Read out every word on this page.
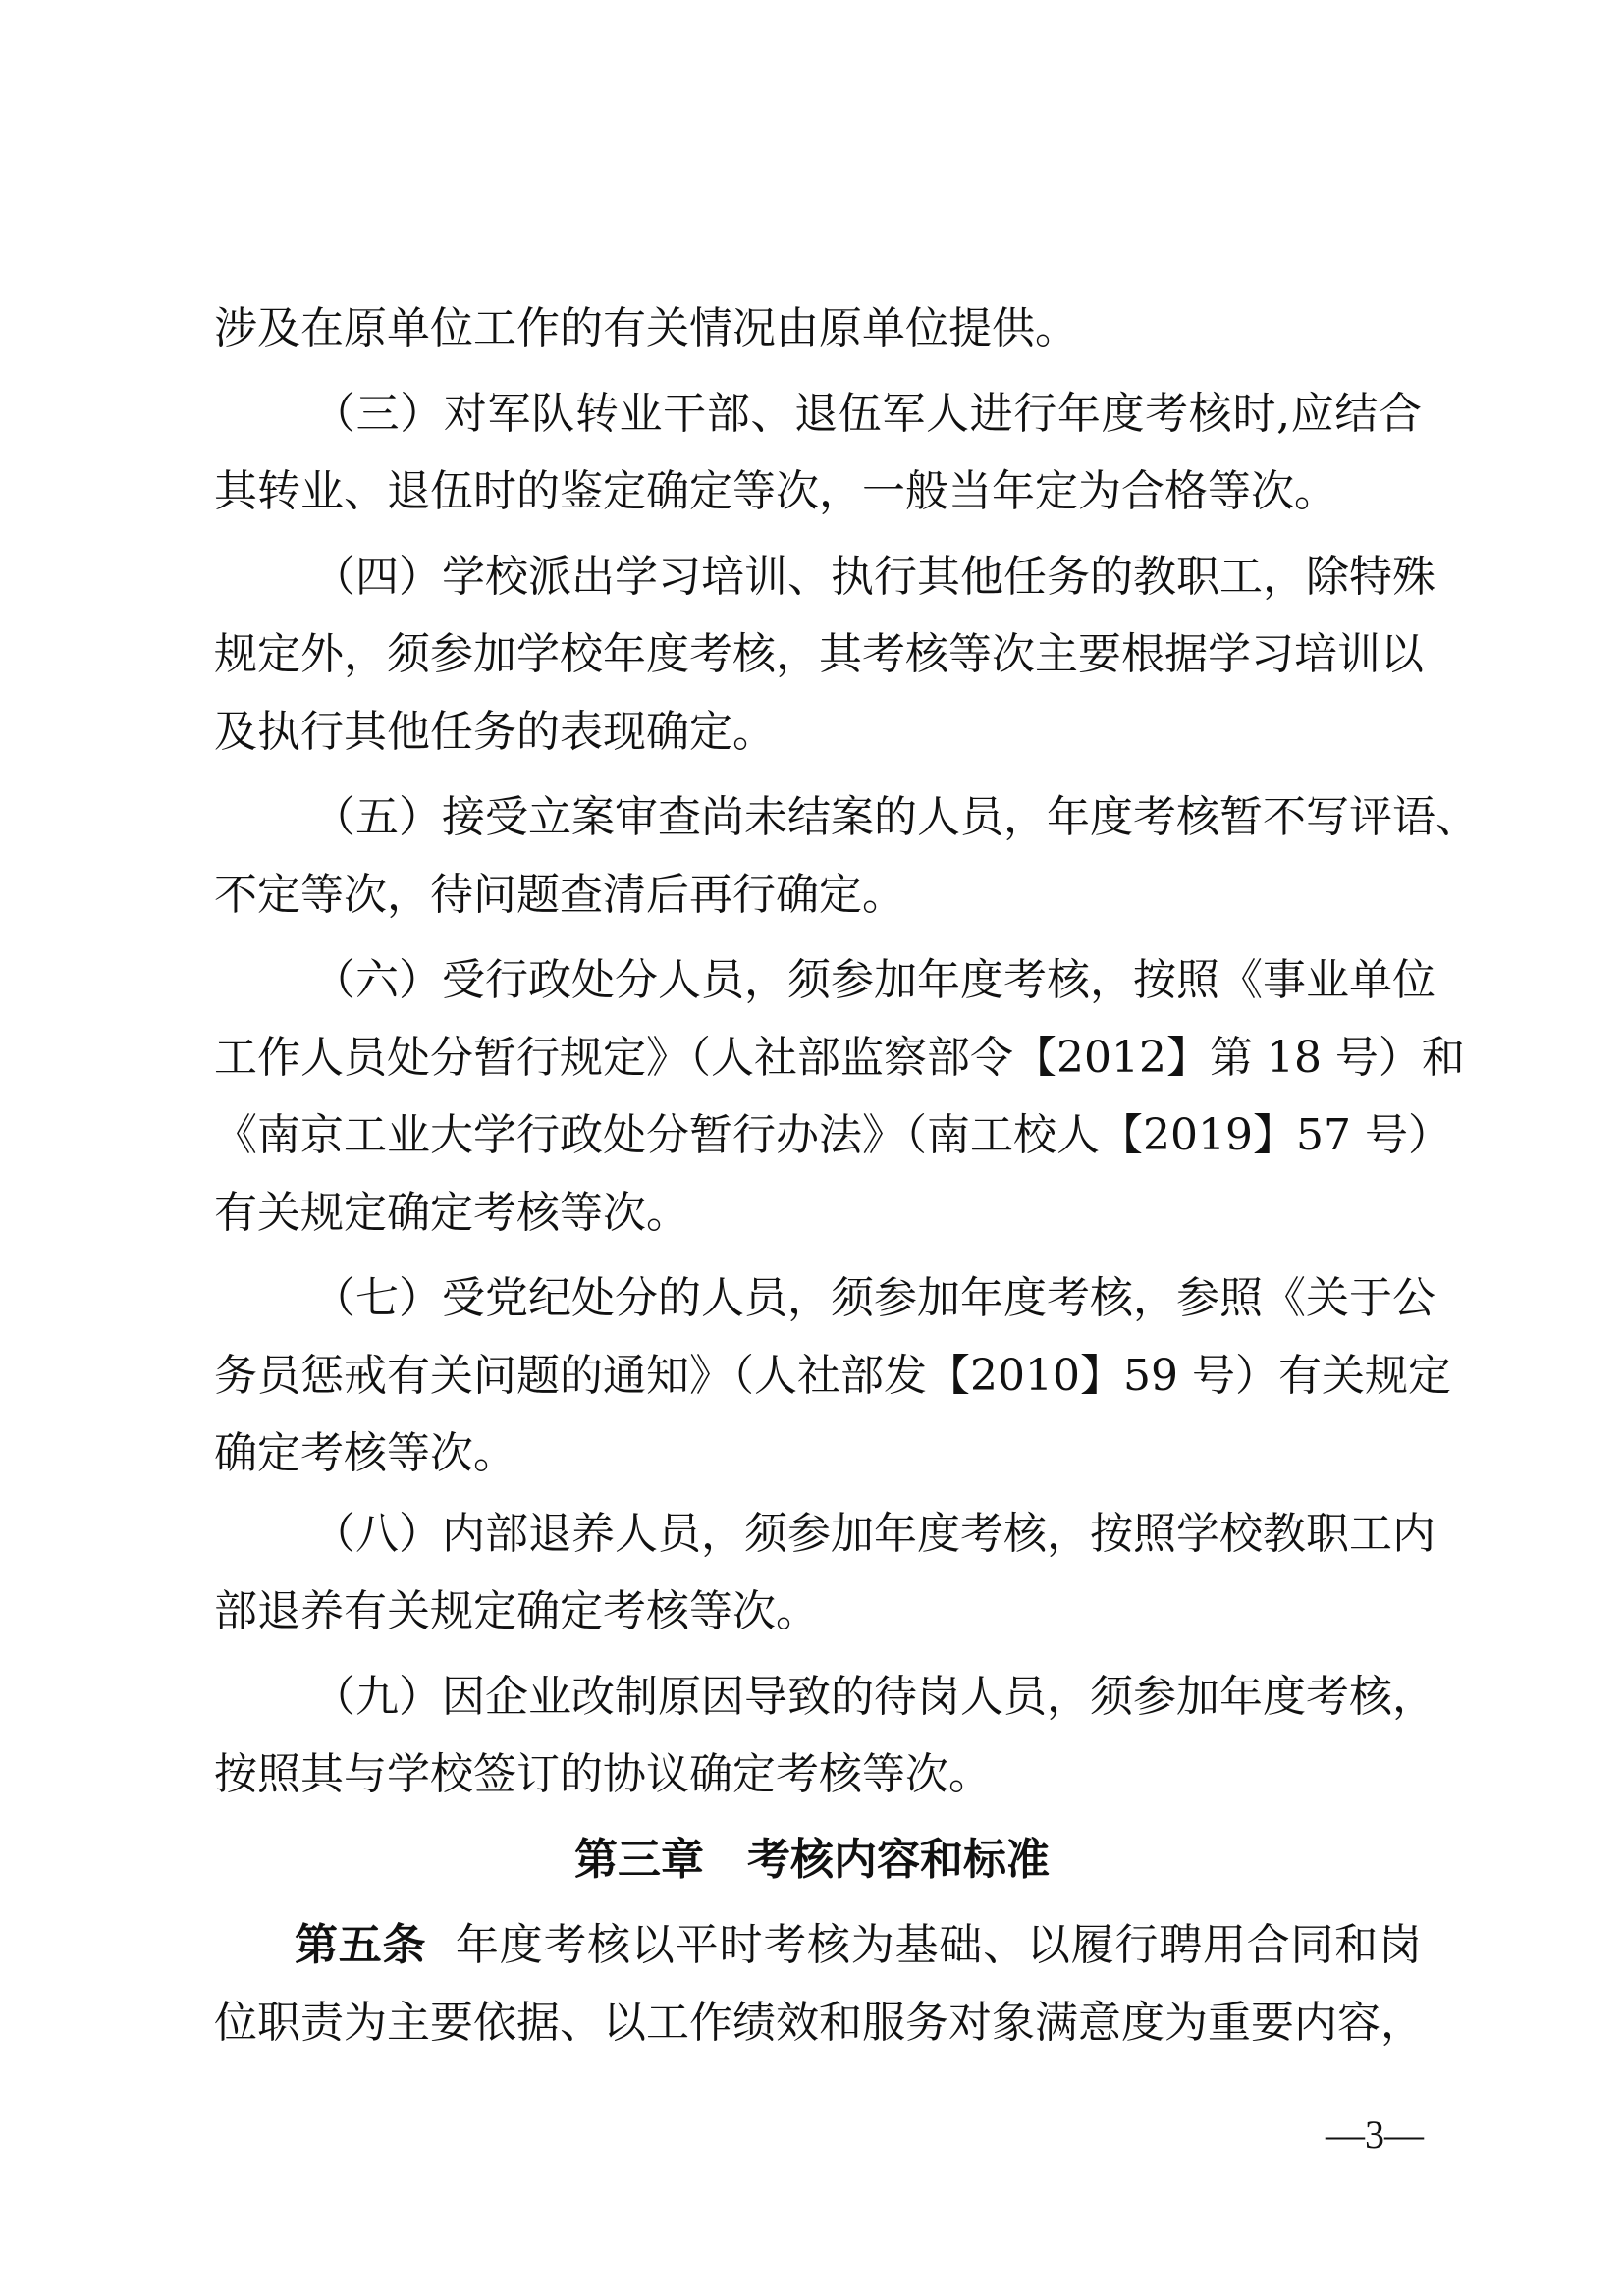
涉及在原单位工作的有关情况由原单位提供。
（三）对军队转业干部、退伍军人进行年度考核时,应结合
其转业、退伍时的鉴定确定等次，一般当年定为合格等次。
（四）学校派出学习培训、执行其他任务的教职工，除特殊
规定外，须参加学校年度考核，其考核等次主要根据学习培训以
及执行其他任务的表现确定。
（五）接受立案审查尚未结案的人员，年度考核暂不写评语、
不定等次，待问题查清后再行确定。
（六）受行政处分人员，须参加年度考核，按照《事业单位
工作人员处分暂行规定》（人社部监察部令【2012】第 18 号）和
《南京工业大学行政处分暂行办法》（南工校人【2019】57 号）
有关规定确定考核等次。
（七）受党纪处分的人员，须参加年度考核，参照《关于公
务员惩戒有关问题的通知》（人社部发【2010】59 号）有关规定
确定考核等次。
（八）内部退养人员，须参加年度考核，按照学校教职工内
部退养有关规定确定考核等次。
第三章　考核内容和标准
第五条 年度考核以平时考核为基础、以履行聘用合同和岗
位职责为主要依据、以工作绩效和服务对象满意度为重要内容，
—3—
（九）因企业改制原因导致的待岗人员，须参加年度考核，
按照其与学校签订的协议确定考核等次。
